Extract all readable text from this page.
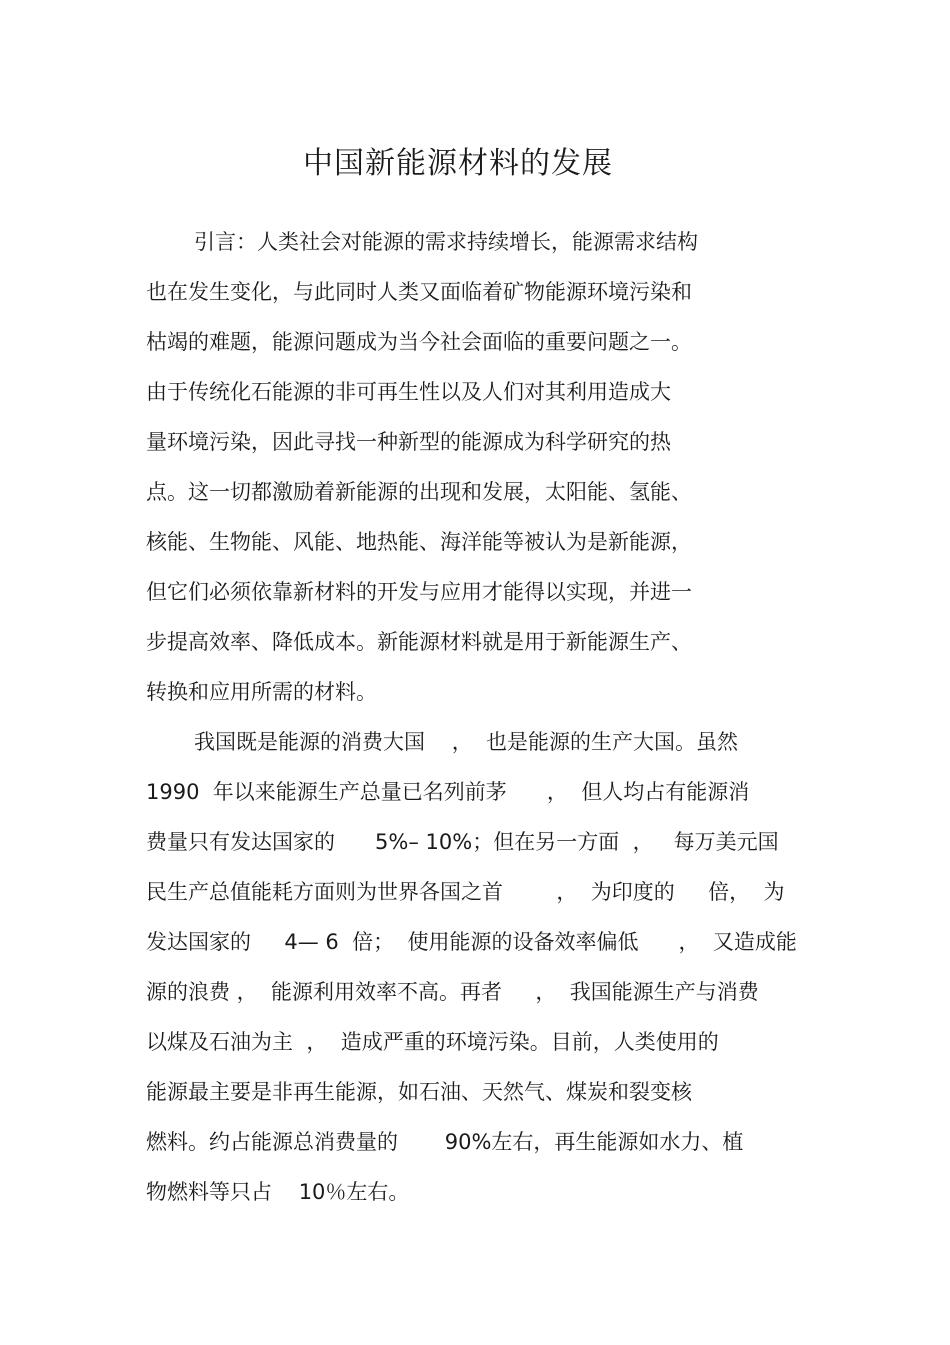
中国新能源材料的发展
引言：人类社会对能源的需求持续增长，能源需求结构
也在发生变化，与此同时人类又面临着矿物能源环境污染和
枯竭的难题，能源问题成为当今社会面临的重要问题之一。
由于传统化石能源的非可再生性以及人们对其利用造成大
量环境污染，因此寻找一种新型的能源成为科学研究的热
点。这一切都激励着新能源的出现和发展，太阳能、氢能、
核能、生物能、风能、地热能、海洋能等被认为是新能源，
但它们必须依靠新材料的开发与应用才能得以实现，并进一
步提高效率、降低成本。新能源材料就是用于新能源生产、
转换和应用所需的材料。
我国既是能源的消费大国    ，  也是能源的生产大国。虽然
1990  年以来能源生产总量已名列前茅      ，  但人均占有能源消
费量只有发达国家的      5%– 10%；但在另一方面  ，   每万美元国
民生产总值能耗方面则为世界各国之首        ，  为印度的     倍，  为
发达国家的     4— 6  倍；  使用能源的设备效率偏低      ，  又造成能
源的浪费 ，  能源利用效率不高。再者     ，  我国能源生产与消费
以煤及石油为主  ，  造成严重的环境污染。目前，人类使用的
能源最主要是非再生能源，如石油、天然气、煤炭和裂变核
燃料。约占能源总消费量的       90%左右，再生能源如水力、植
物燃料等只占    10％左右。
